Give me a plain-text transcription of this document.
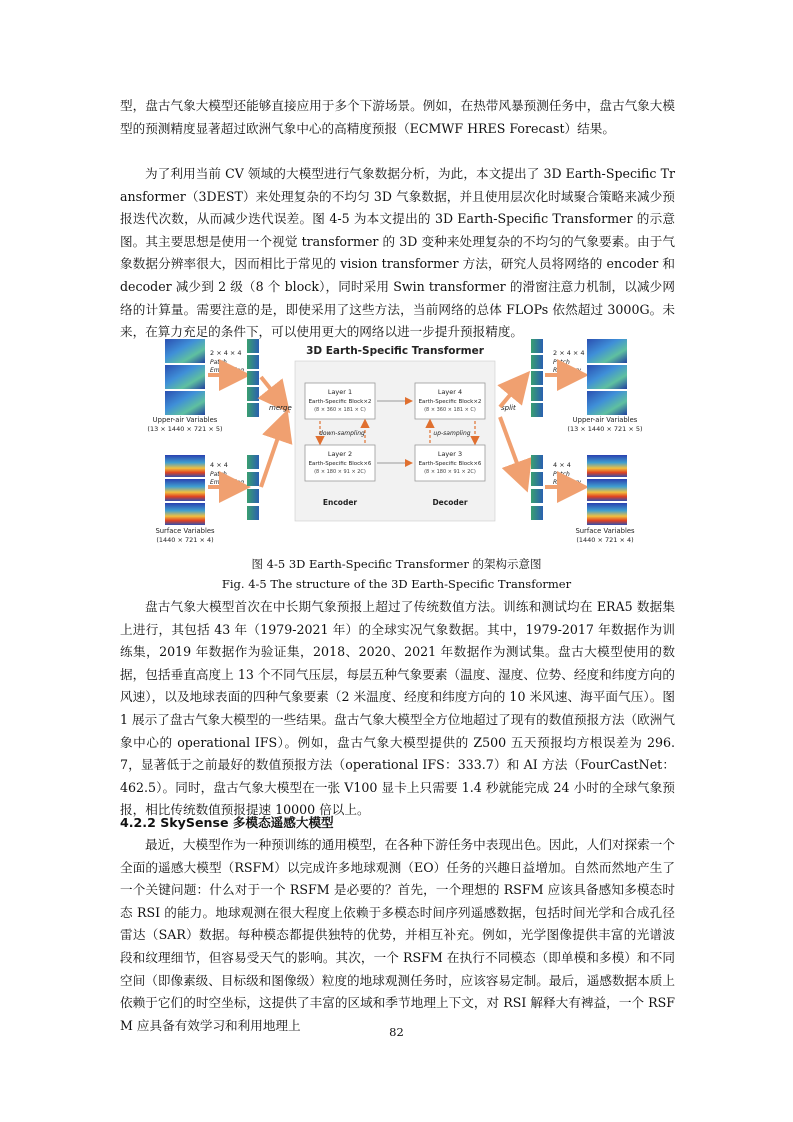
型，盘古气象大模型还能够直接应用于多个下游场景。例如，在热带风暴预测任务中，盘古气象大模型的预测精度显著超过欧洲气象中心的高精度预报（ECMWF HRES Forecast）结果。

为了利用当前 CV 领域的大模型进行气象数据分析，为此，本文提出了 3D Earth-Specific Transformer（3DEST）来处理复杂的不均匀 3D 气象数据，并且使用层次化时域聚合策略来减少预报迭代次数，从而减少迭代误差。图 4-5 为本文提出的 3D Earth-Specific Transformer 的示意图。其主要思想是使用一个视觉 transformer 的 3D 变种来处理复杂的不均匀的气象要素。由于气象数据分辨率很大，因而相比于常见的 vision transformer 方法，研究人员将网络的 encoder 和 decoder 减少到 2 级（8 个 block），同时采用 Swin transformer 的滑窗注意力机制，以减少网络的计算量。需要注意的是，即使采用了这些方法，当前网络的总体 FLOPs 依然超过 3000G。未来，在算力充足的条件下，可以使用更大的网络以进一步提升预报精度。

2 × 4 × 4
Patch
Embedding
Upper-air Variables
(13 × 1440 × 721 × 5)
4 × 4
Patch
Embedding
Surface Variables
(1440 × 721 × 4)
merge
3D Earth-Specific Transformer
Layer 1
Earth-Specific Block×2
(8 × 360 × 181 × C)
Layer 2
Earth-Specific Block×6
(8 × 180 × 91 × 2C)
down-sampling
Encoder
Layer 4
Earth-Specific Block×2
(8 × 360 × 181 × C)
Layer 3
Earth-Specific Block×6
(8 × 180 × 91 × 2C)
up-sampling
Decoder
split
2 × 4 × 4
Patch
Recovery
Upper-air Variables
(13 × 1440 × 721 × 5)
4 × 4
Patch
Recovery
Surface Variables
(1440 × 721 × 4)

图 4-5 3D Earth-Specific Transformer 的架构示意图

Fig. 4-5 The structure of the 3D Earth-Specific Transformer

盘古气象大模型首次在中长期气象预报上超过了传统数值方法。训练和测试均在 ERA5 数据集上进行，其包括 43 年（1979-2021 年）的全球实况气象数据。其中，1979-2017 年数据作为训练集，2019 年数据作为验证集，2018、2020、2021 年数据作为测试集。盘古大模型使用的数据，包括垂直高度上 13 个不同气压层，每层五种气象要素（温度、湿度、位势、经度和纬度方向的风速），以及地球表面的四种气象要素（2 米温度、经度和纬度方向的 10 米风速、海平面气压）。图 1 展示了盘古气象大模型的一些结果。盘古气象大模型全方位地超过了现有的数值预报方法（欧洲气象中心的 operational IFS）。例如，盘古气象大模型提供的 Z500 五天预报均方根误差为 296.7，显著低于之前最好的数值预报方法（operational IFS：333.7）和 AI 方法（FourCastNet：462.5）。同时，盘古气象大模型在一张 V100 显卡上只需要 1.4 秒就能完成 24 小时的全球气象预报，相比传统数值预报提速 10000 倍以上。

4.2.2 SkySense 多模态遥感大模型

最近，大模型作为一种预训练的通用模型，在各种下游任务中表现出色。因此，人们对探索一个全面的遥感大模型（RSFM）以完成许多地球观测（EO）任务的兴趣日益增加。自然而然地产生了一个关键问题：什么对于一个 RSFM 是必要的？首先，一个理想的 RSFM 应该具备感知多模态时态 RSI 的能力。地球观测在很大程度上依赖于多模态时间序列遥感数据，包括时间光学和合成孔径雷达（SAR）数据。每种模态都提供独特的优势，并相互补充。例如，光学图像提供丰富的光谱波段和纹理细节，但容易受天气的影响。其次，一个 RSFM 在执行不同模态（即单模和多模）和不同空间（即像素级、目标级和图像级）粒度的地球观测任务时，应该容易定制。最后，遥感数据本质上依赖于它们的时空坐标，这提供了丰富的区域和季节地理上下文，对 RSI 解释大有裨益，一个 RSFM 应具备有效学习和利用地理上	82
